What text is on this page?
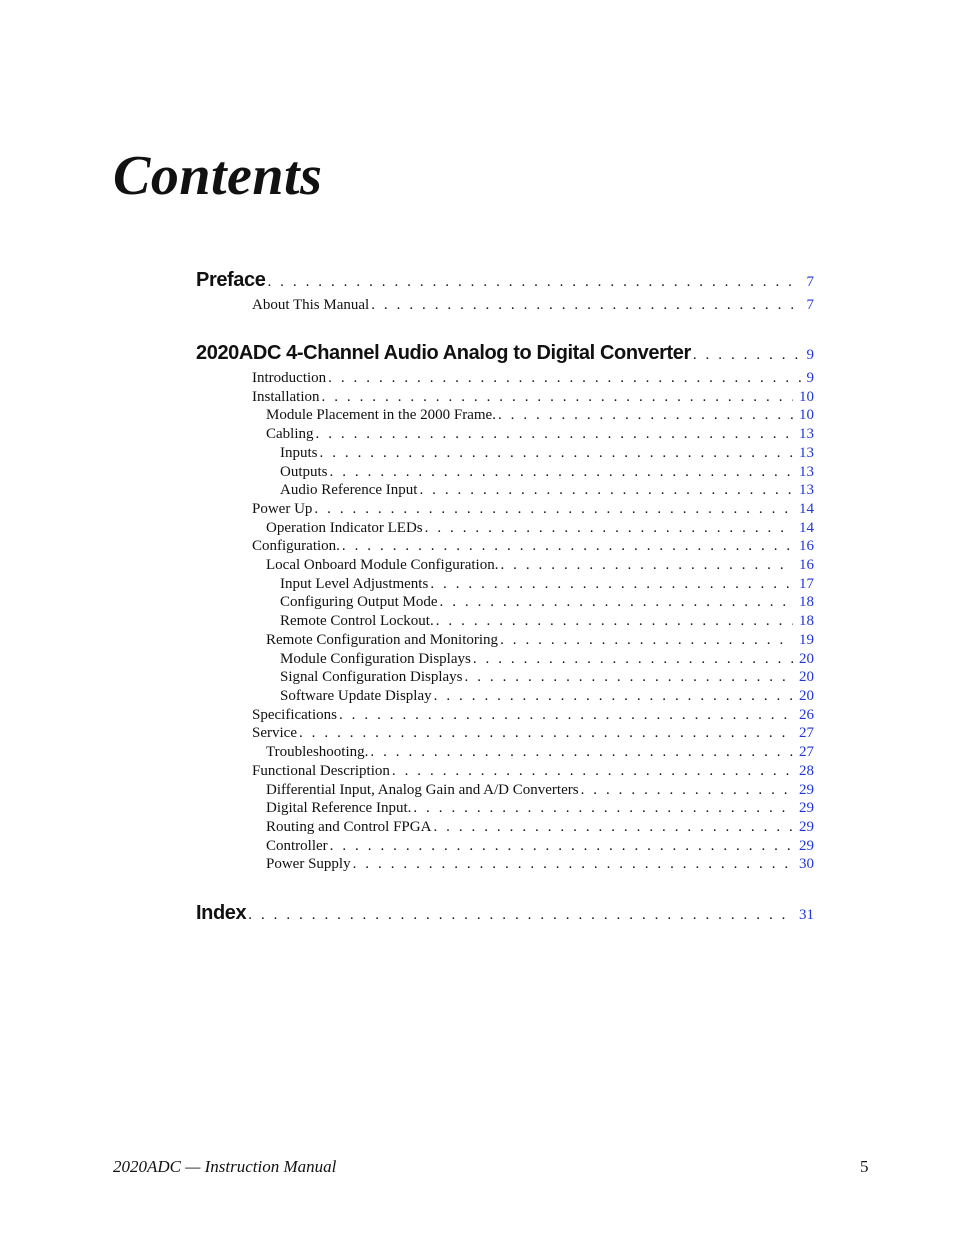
Contents
Preface . . .	7
About This Manual . . .	7
2020ADC 4-Channel Audio Analog to Digital Converter . . .	9
Introduction . . .	9
Installation . . .	10
Module Placement in the 2000 Frame. . . .	10
Cabling . . .	13
Inputs . . .	13
Outputs . . .	13
Audio Reference Input . . .	13
Power Up . . .	14
Operation Indicator LEDs . . .	14
Configuration. . . .	16
Local Onboard Module Configuration. . . .	16
Input Level Adjustments . . .	17
Configuring Output Mode . . .	18
Remote Control Lockout. . . .	18
Remote Configuration and Monitoring . . .	19
Module Configuration Displays . . .	20
Signal Configuration Displays . . .	20
Software Update Display . . .	20
Specifications . . .	26
Service . . .	27
Troubleshooting. . . .	27
Functional Description . . .	28
Differential Input, Analog Gain and A/D Converters . . .	29
Digital Reference Input. . . .	29
Routing and Control FPGA . . .	29
Controller . . .	29
Power Supply . . .	30
Index . . .	31
2020ADC — Instruction Manual	5
